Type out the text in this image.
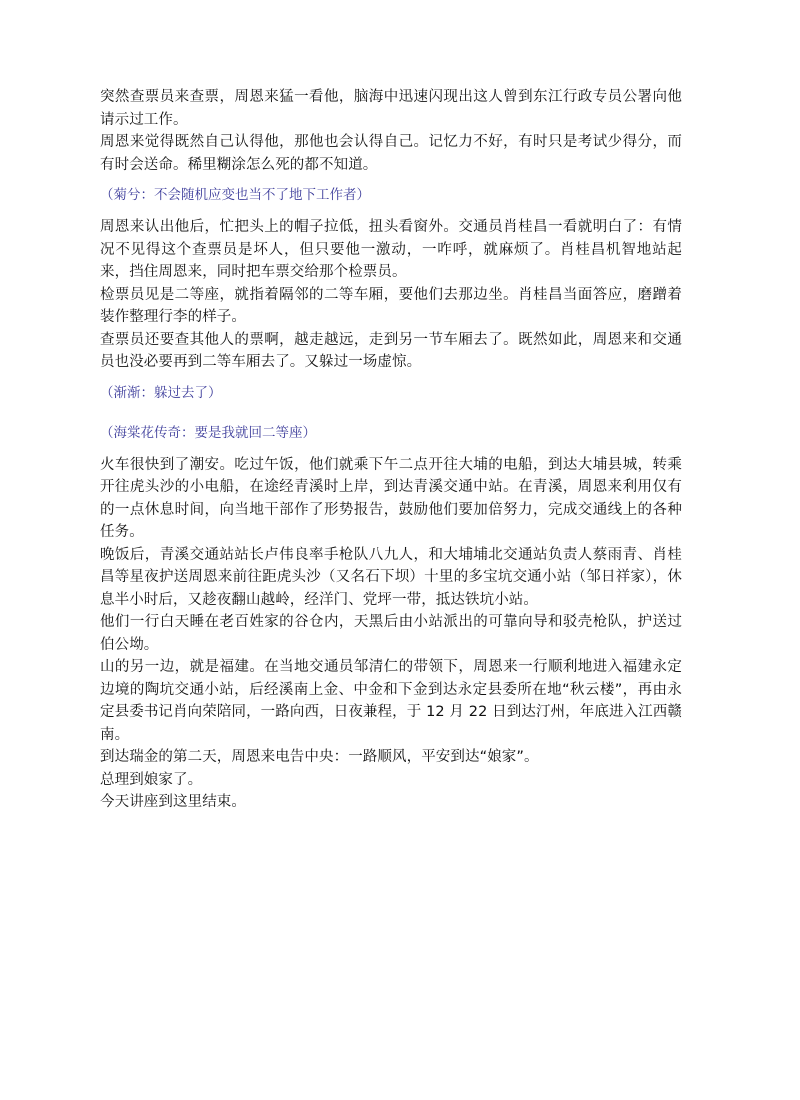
突然查票员来查票，周恩来猛一看他，脑海中迅速闪现出这人曾到东江行政专员公署向他请示过工作。

周恩来觉得既然自己认得他，那他也会认得自己。记忆力不好，有时只是考试少得分，而有时会送命。稀里糊涂怎么死的都不知道。

（菊兮：不会随机应变也当不了地下工作者）

周恩来认出他后，忙把头上的帽子拉低，扭头看窗外。交通员肖桂昌一看就明白了：有情况不见得这个查票员是坏人，但只要他一激动，一咋呼，就麻烦了。肖桂昌机智地站起来，挡住周恩来，同时把车票交给那个检票员。

检票员见是二等座，就指着隔邻的二等车厢，要他们去那边坐。肖桂昌当面答应，磨蹭着装作整理行李的样子。

查票员还要查其他人的票啊，越走越远，走到另一节车厢去了。既然如此，周恩来和交通员也没必要再到二等车厢去了。又躲过一场虚惊。

（渐渐：躲过去了）

（海棠花传奇：要是我就回二等座）

火车很快到了潮安。吃过午饭，他们就乘下午二点开往大埔的电船，到达大埔县城，转乘开往虎头沙的小电船，在途经青溪时上岸，到达青溪交通中站。在青溪，周恩来利用仅有的一点休息时间，向当地干部作了形势报告，鼓励他们要加倍努力，完成交通线上的各种任务。

晚饭后，青溪交通站站长卢伟良率手枪队八九人，和大埔埔北交通站负责人蔡雨青、肖桂昌等星夜护送周恩来前往距虎头沙（又名石下坝）十里的多宝坑交通小站（邹日祥家），休息半小时后，又趁夜翻山越岭，经洋门、党坪一带，抵达铁坑小站。

他们一行白天睡在老百姓家的谷仓内，天黑后由小站派出的可靠向导和驳壳枪队，护送过伯公坳。

山的另一边，就是福建。在当地交通员邹清仁的带领下，周恩来一行顺利地进入福建永定边境的陶坑交通小站，后经溪南上金、中金和下金到达永定县委所在地“秋云楼”，再由永定县委书记肖向荣陪同，一路向西，日夜兼程，于 12 月 22 日到达汀州，年底进入江西赣南。

到达瑞金的第二天，周恩来电告中央：一路顺风，平安到达“娘家”。

总理到娘家了。

今天讲座到这里结束。
